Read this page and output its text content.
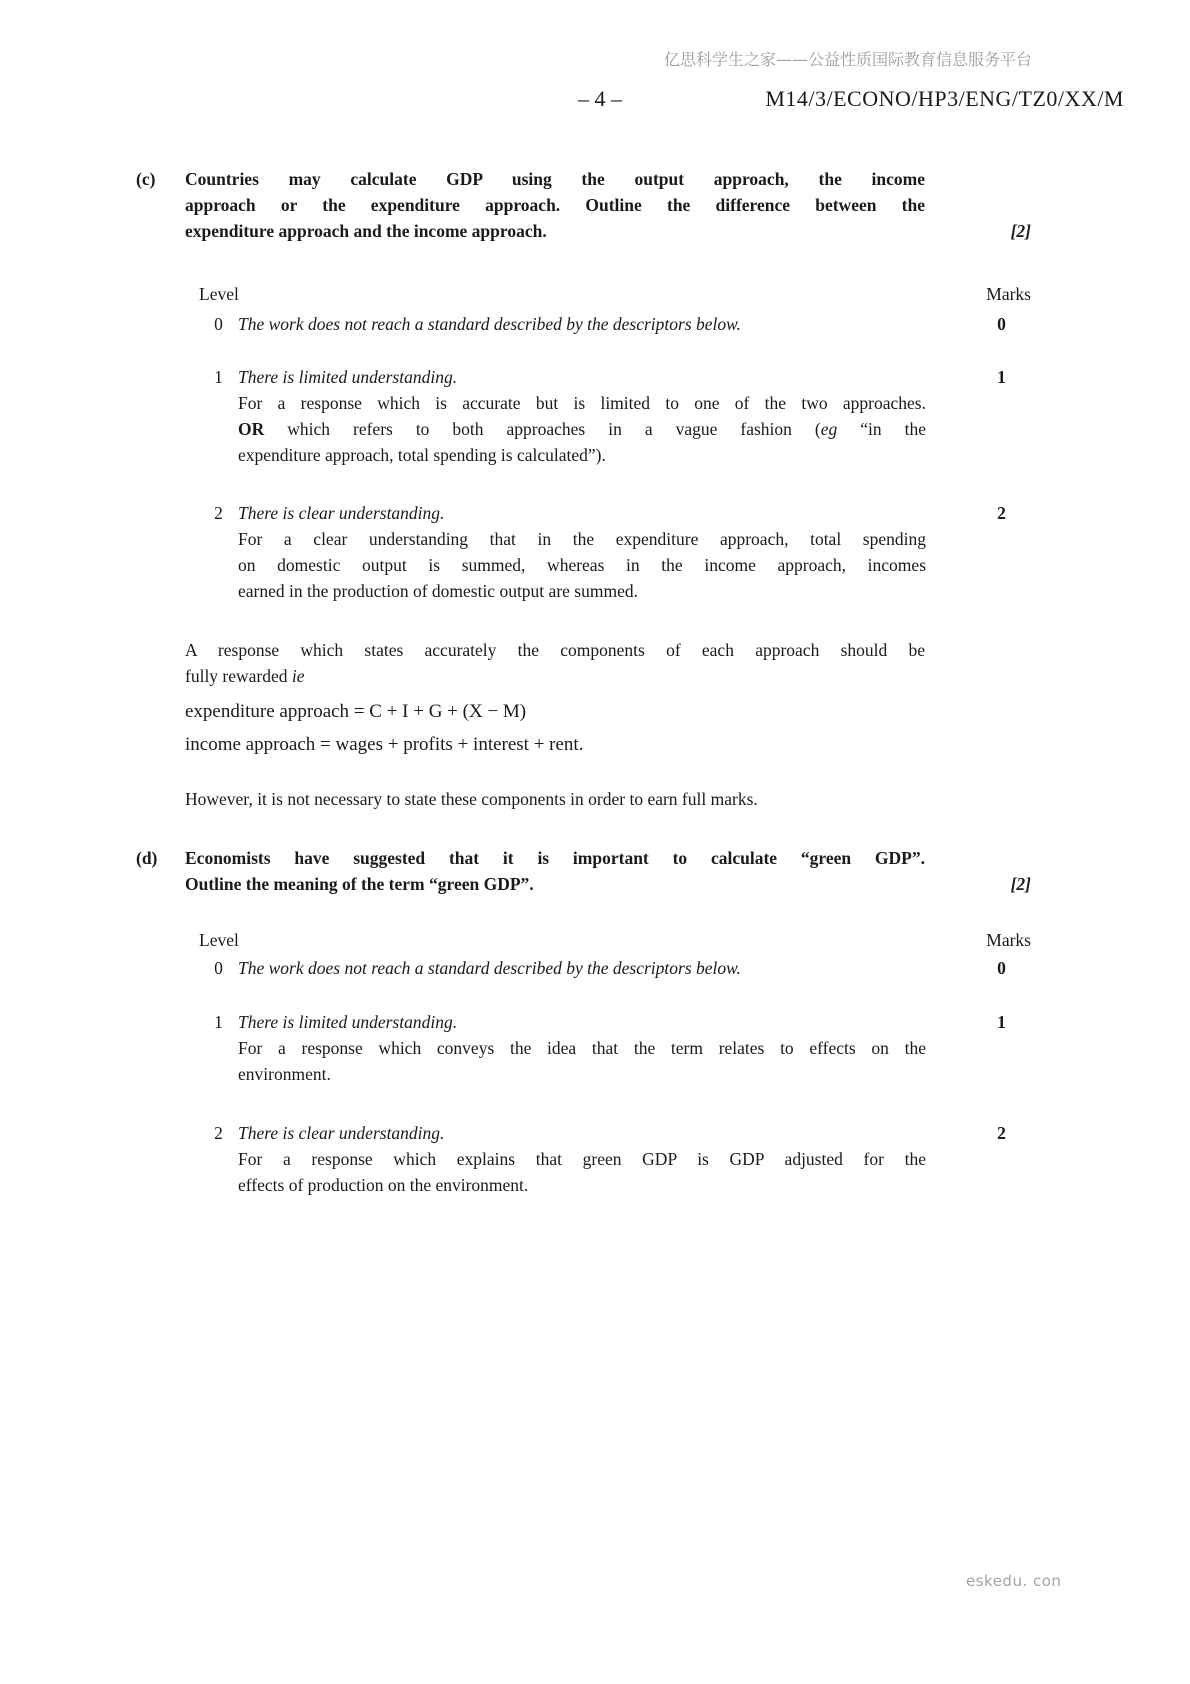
亿思科学生之家——公益性质国际教育信息服务平台
– 4 –	M14/3/ECONO/HP3/ENG/TZ0/XX/M
(c)	Countries may calculate GDP using the output approach, the income
approach or the expenditure approach. Outline the difference between the
expenditure approach and the income approach.	[2]
Level	Marks
0 The work does not reach a standard described by the descriptors below.	0
1 There is limited understanding.
For a response which is accurate but is limited to one of the two approaches.
OR which refers to both approaches in a vague fashion (eg “in the
expenditure approach, total spending is calculated”).
1
2 There is clear understanding.
For a clear understanding that in the expenditure approach, total spending
on domestic output is summed, whereas in the income approach, incomes
earned in the production of domestic output are summed.
2
A response which states accurately the components of each approach should be
fully rewarded ie
expenditure approach = C + I + G + (X − M)
income approach = wages + profits + interest + rent.
However, it is not necessary to state these components in order to earn full marks.
(d)	Economists have suggested that it is important to calculate “green GDP”.
Outline the meaning of the term “green GDP”.	[2]
Level	Marks
0 The work does not reach a standard described by the descriptors below.	0
1 There is limited understanding.
For a response which conveys the idea that the term relates to effects on the
environment.
1
2 There is clear understanding.
For a response which explains that green GDP is GDP adjusted for the
effects of production on the environment.
2
eskedu. con
